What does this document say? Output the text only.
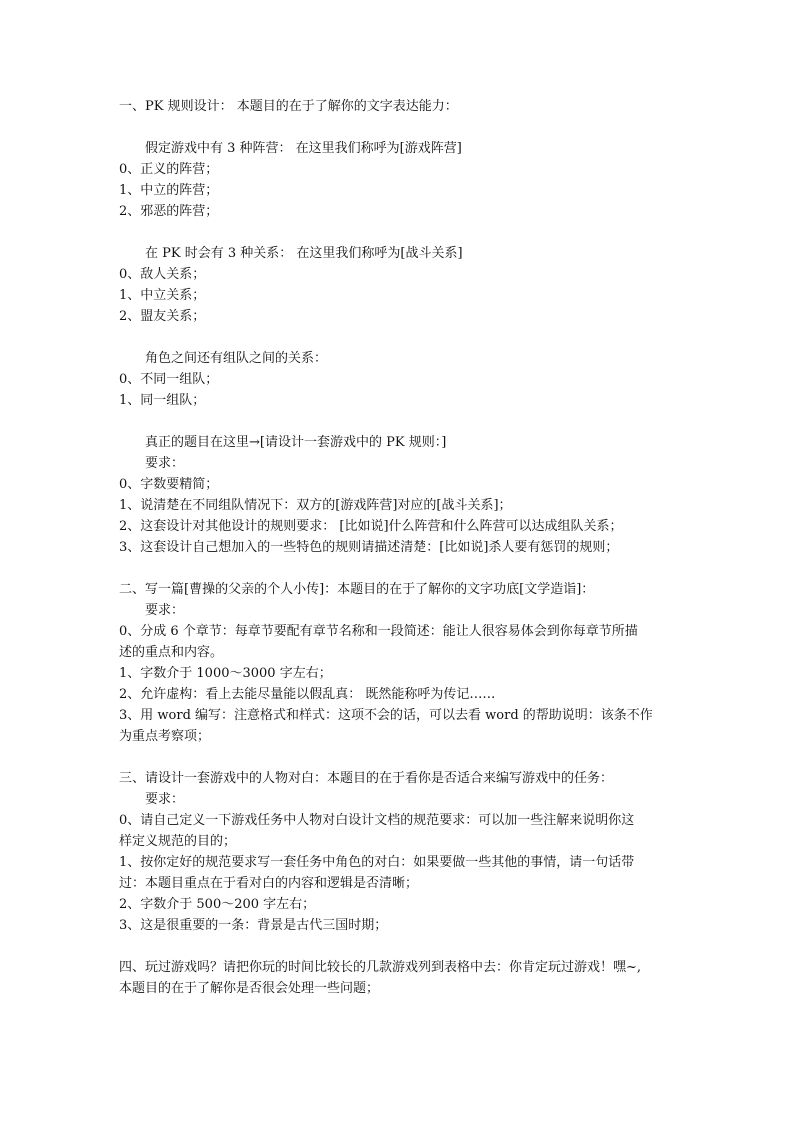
一、PK 规则设计： 本题目的在于了解你的文字表达能力：
假定游戏中有 3 种阵营： 在这里我们称呼为[游戏阵营]
0、正义的阵营；
1、中立的阵营；
2、邪恶的阵营；
在 PK 时会有 3 种关系： 在这里我们称呼为[战斗关系]
0、敌人关系；
1、中立关系；
2、盟友关系；
角色之间还有组队之间的关系：
0、不同一组队；
1、同一组队；
真正的题目在这里→[请设计一套游戏中的 PK 规则：]
要求：
0、字数要精简；
1、说清楚在不同组队情况下：双方的[游戏阵营]对应的[战斗关系]；
2、这套设计对其他设计的规则要求： [比如说]什么阵营和什么阵营可以达成组队关系；
3、这套设计自己想加入的一些特色的规则请描述清楚：[比如说]杀人要有惩罚的规则；
二、写一篇[曹操的父亲的个人小传]：本题目的在于了解你的文字功底[文学造诣]：
要求：
0、分成 6 个章节：每章节要配有章节名称和一段简述：能让人很容易体会到你每章节所描
述的重点和内容。
1、字数介于 1000～3000 字左右；
2、允许虚构：看上去能尽量能以假乱真： 既然能称呼为传记……
3、用 word 编写：注意格式和样式：这项不会的话，可以去看 word 的帮助说明：该条不作
为重点考察项；
三、请设计一套游戏中的人物对白：本题目的在于看你是否适合来编写游戏中的任务：
要求：
0、请自己定义一下游戏任务中人物对白设计文档的规范要求：可以加一些注解来说明你这
样定义规范的目的；
1、按你定好的规范要求写一套任务中角色的对白：如果要做一些其他的事情，请一句话带
过：本题目重点在于看对白的内容和逻辑是否清晰；
2、字数介于 500～200 字左右；
3、这是很重要的一条：背景是古代三国时期；
四、玩过游戏吗？请把你玩的时间比较长的几款游戏列到表格中去：你肯定玩过游戏！嘿~,
本题目的在于了解你是否很会处理一些问题；
